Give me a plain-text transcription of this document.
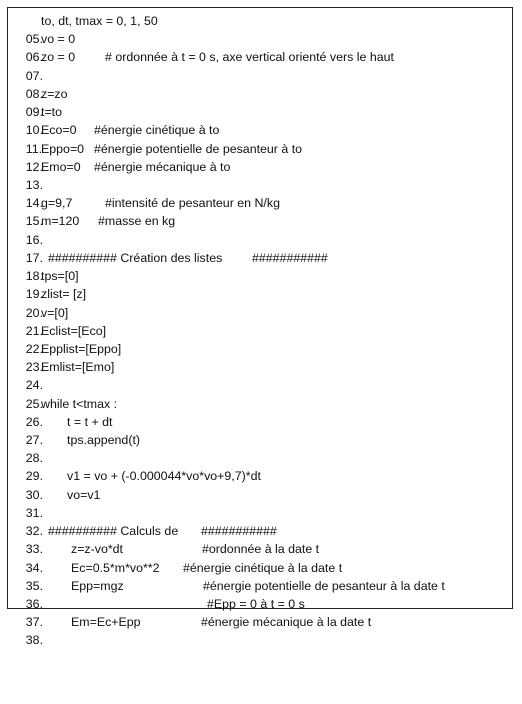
05.

to, dt, tmax = 0, 1, 50

06.

vo = 0

07.

zo = 0

# ordonnée à t = 0 s, axe vertical orienté vers le haut

08.

09.

z=zo

10.

t=to

11.

Eco=0

#énergie cinétique à to

12.

Eppo=0

#énergie potentielle de pesanteur à to

13.

Emo=0

#énergie mécanique à to

14.

15.

g=9,7

	#intensité de pesanteur en N/kg

16.

m=120

#masse en kg

17.

18.

########## Création des listes

###########

19.

tps=[0]

20.

zlist= [z]

21.

v=[0]

22.

Eclist=[Eco]

23.

Epplist=[Eppo]

24.

Emlist=[Emo]

25.

26.

while t<tmax :

27.

t = t + dt

28.

tps.append(t)

29.

30.

v1 = vo + (-0.000044*vo*vo+9,7)*dt

31.

vo=v1

32.

33.

########## Calculs de

###########

34.

z=z-vo*dt

	#ordonnée à la date t

35.

Ec=0.5*m*vo**2

#énergie cinétique à la date t

36.

Epp=mgz

	#énergie potentielle de pesanteur à la date t

37.

#Epp = 0 à t = 0 s

38.

Em=Ec+Epp

	#énergie mécanique à la date t
